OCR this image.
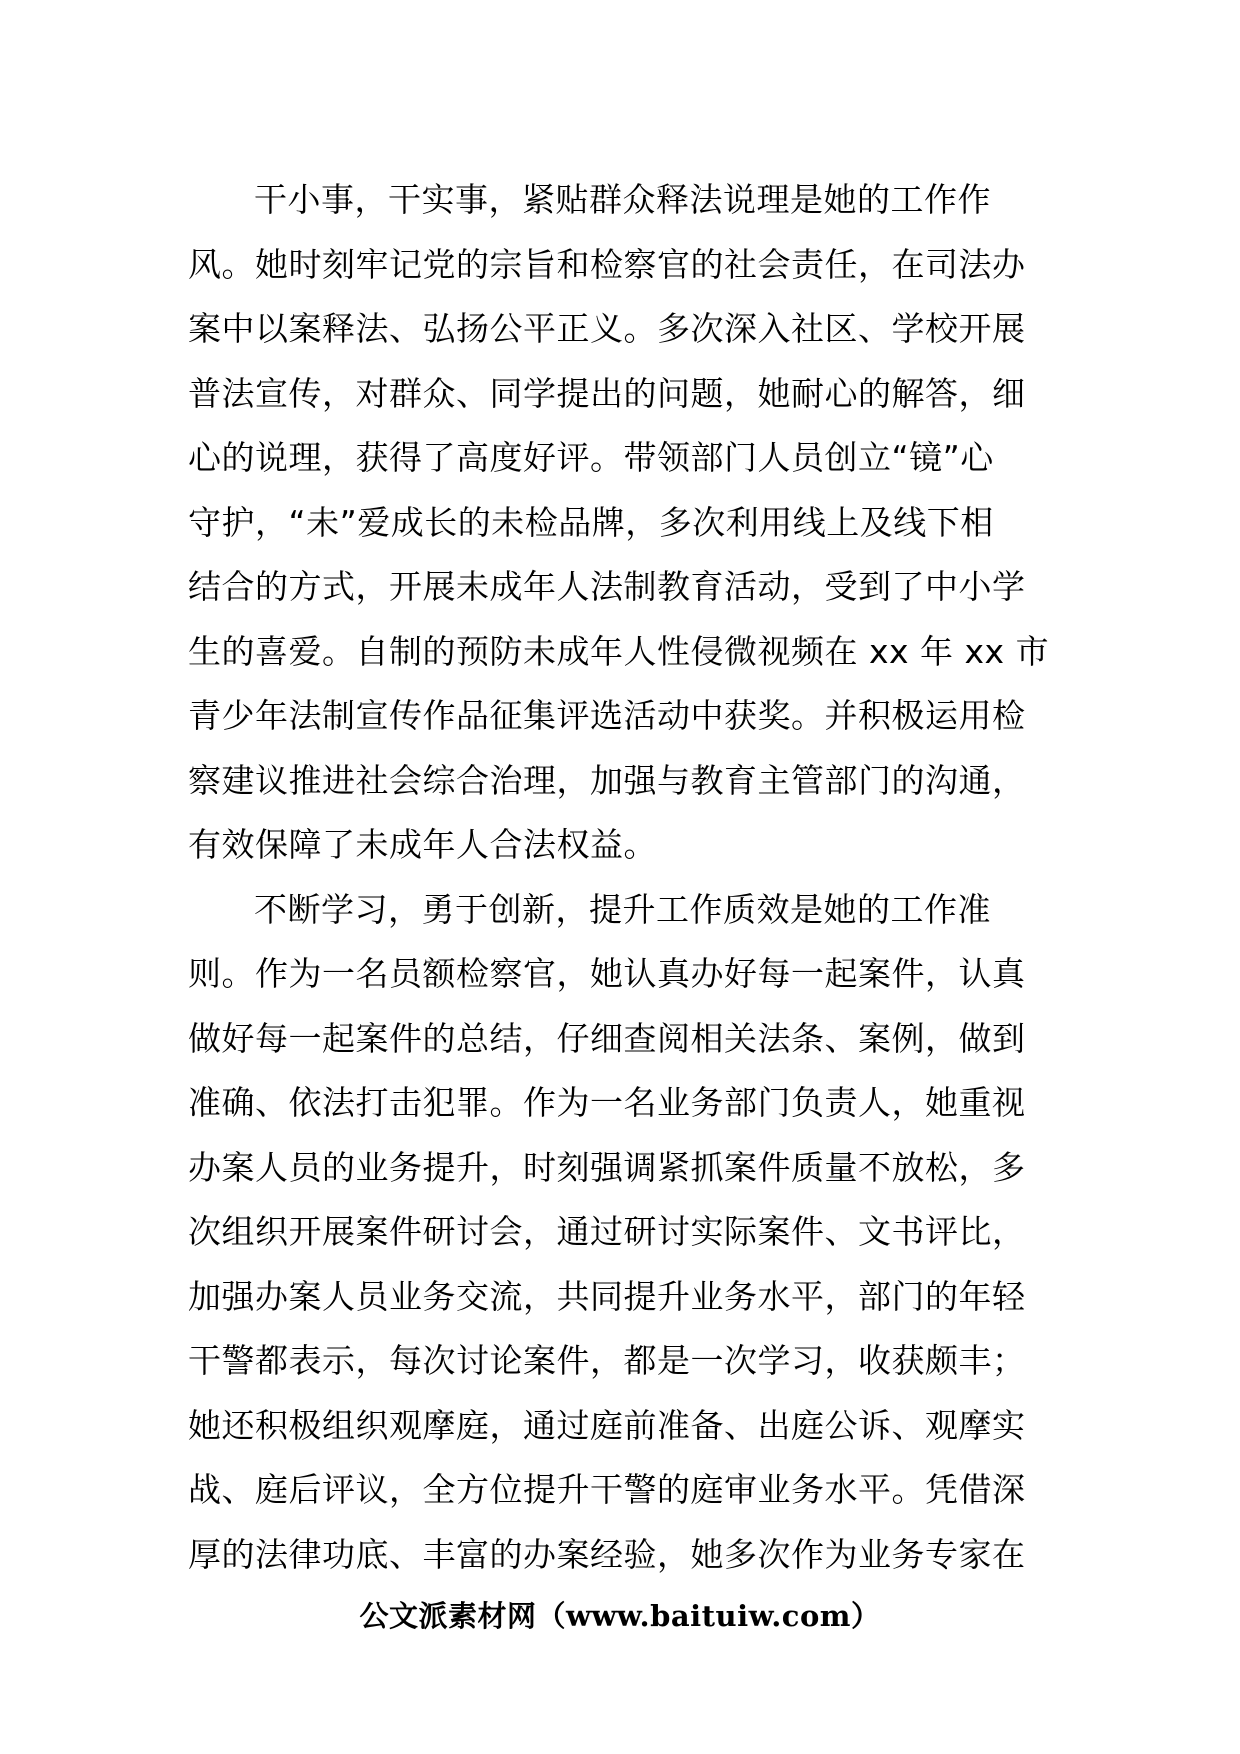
干小事，干实事，紧贴群众释法说理是她的工作作
风。她时刻牢记党的宗旨和检察官的社会责任，在司法办
案中以案释法、弘扬公平正义。多次深入社区、学校开展
普法宣传，对群众、同学提出的问题，她耐心的解答，细
心的说理，获得了高度好评。带领部门人员创立“镜”心
守护，“未”爱成长的未检品牌，多次利用线上及线下相
结合的方式，开展未成年人法制教育活动，受到了中小学
生的喜爱。自制的预防未成年人性侵微视频在 xx 年 xx 市
青少年法制宣传作品征集评选活动中获奖。并积极运用检
察建议推进社会综合治理，加强与教育主管部门的沟通，
有效保障了未成年人合法权益。
不断学习，勇于创新，提升工作质效是她的工作准
则。作为一名员额检察官，她认真办好每一起案件，认真
做好每一起案件的总结，仔细查阅相关法条、案例，做到
准确、依法打击犯罪。作为一名业务部门负责人，她重视
办案人员的业务提升，时刻强调紧抓案件质量不放松，多
次组织开展案件研讨会，通过研讨实际案件、文书评比，
加强办案人员业务交流，共同提升业务水平，部门的年轻
干警都表示，每次讨论案件，都是一次学习，收获颇丰；
她还积极组织观摩庭，通过庭前准备、出庭公诉、观摩实
战、庭后评议，全方位提升干警的庭审业务水平。凭借深
厚的法律功底、丰富的办案经验，她多次作为业务专家在
公文派素材网（www.baituiw.com）
